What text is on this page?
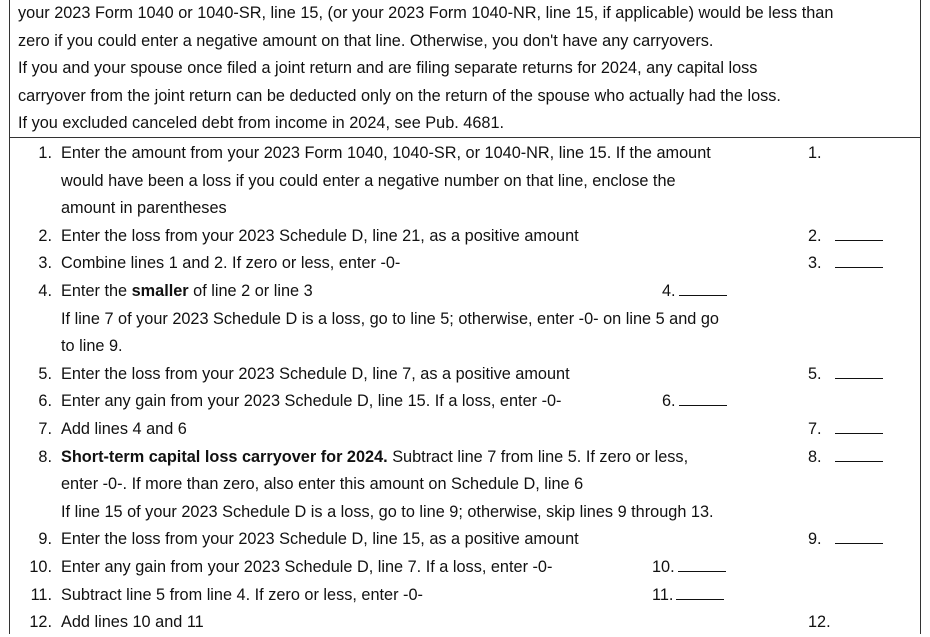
your 2023 Form 1040 or 1040-SR, line 15, (or your 2023 Form 1040-NR, line 15, if applicable) would be less than
zero if you could enter a negative amount on that line. Otherwise, you don't have any carryovers.
If you and your spouse once filed a joint return and are filing separate returns for 2024, any capital loss
carryover from the joint return can be deducted only on the return of the spouse who actually had the loss.
If you excluded canceled debt from income in 2024, see Pub. 4681.
1. Enter the amount from your 2023 Form 1040, 1040-SR, or 1040-NR, line 15. If the amount
would have been a loss if you could enter a negative number on that line, enclose the
amount in parentheses
1.
2. Enter the loss from your 2023 Schedule D, line 21, as a positive amount	2.
3. Combine lines 1 and 2. If zero or less, enter -0-	3.
4. Enter the smaller of line 2 or line 3	4.
If line 7 of your 2023 Schedule D is a loss, go to line 5; otherwise, enter -0- on line 5 and go
to line 9.
5. Enter the loss from your 2023 Schedule D, line 7, as a positive amount	5.
6. Enter any gain from your 2023 Schedule D, line 15. If a loss, enter -0-	6.
7. Add lines 4 and 6	7.
8. Short-term capital loss carryover for 2024. Subtract line 7 from line 5. If zero or less,
enter -0-. If more than zero, also enter this amount on Schedule D, line 6
8.
If line 15 of your 2023 Schedule D is a loss, go to line 9; otherwise, skip lines 9 through 13.
9. Enter the loss from your 2023 Schedule D, line 15, as a positive amount	9.
10. Enter any gain from your 2023 Schedule D, line 7. If a loss, enter -0-	10.
11. Subtract line 5 from line 4. If zero or less, enter -0-	11.
12. Add lines 10 and 11	12.
